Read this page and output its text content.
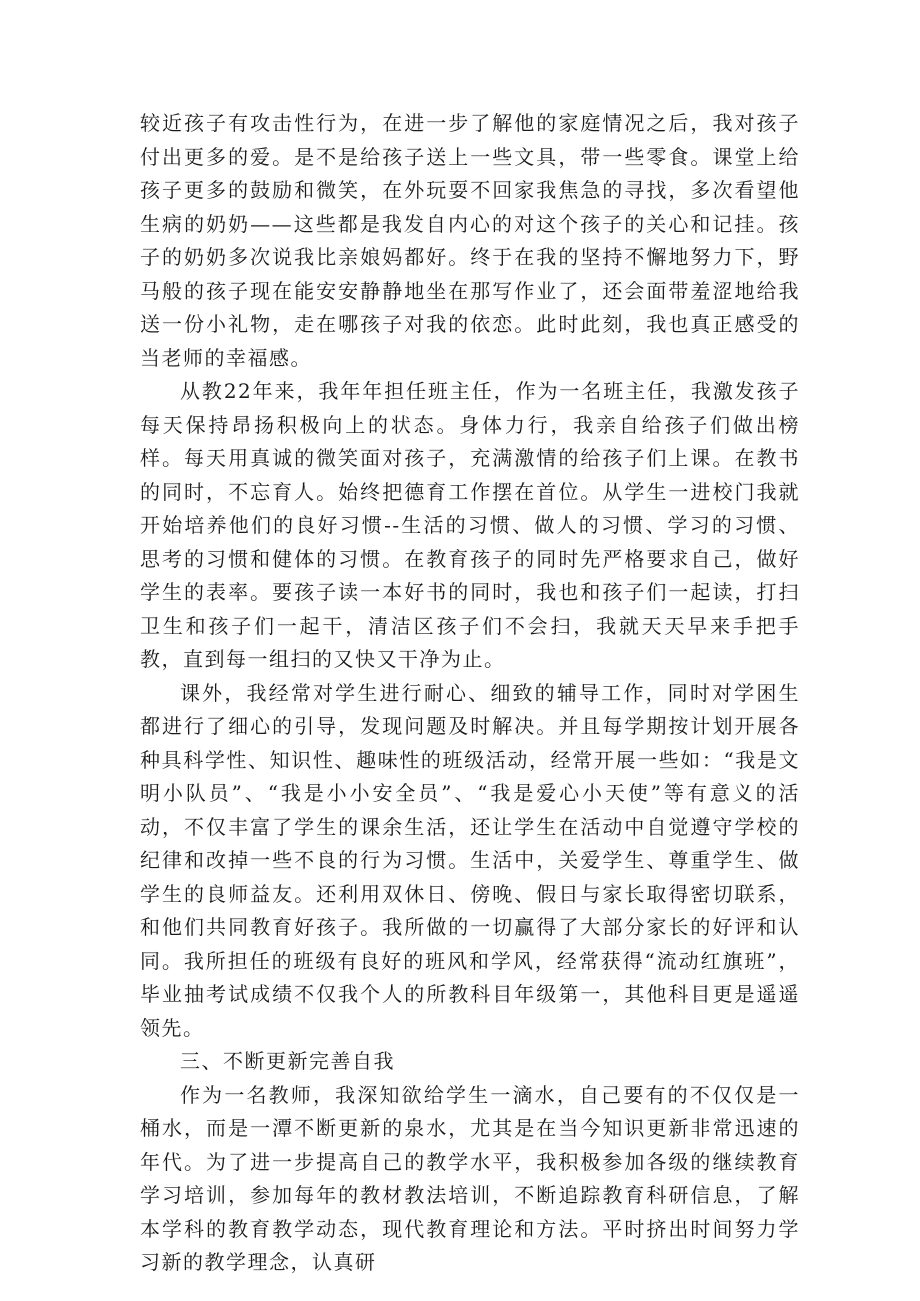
较近孩子有攻击性行为，在进一步了解他的家庭情况之后，我对孩子付出更多的爱。是不是给孩子送上一些文具，带一些零食。课堂上给孩子更多的鼓励和微笑，在外玩耍不回家我焦急的寻找，多次看望他生病的奶奶——这些都是我发自内心的对这个孩子的关心和记挂。孩子的奶奶多次说我比亲娘妈都好。终于在我的坚持不懈地努力下，野马般的孩子现在能安安静静地坐在那写作业了，还会面带羞涩地给我送一份小礼物，走在哪孩子对我的依恋。此时此刻，我也真正感受的当老师的幸福感。

从教22年来，我年年担任班主任，作为一名班主任，我激发孩子每天保持昂扬积极向上的状态。身体力行，我亲自给孩子们做出榜样。每天用真诚的微笑面对孩子，充满激情的给孩子们上课。在教书的同时，不忘育人。始终把德育工作摆在首位。从学生一进校门我就开始培养他们的良好习惯--生活的习惯、做人的习惯、学习的习惯、思考的习惯和健体的习惯。在教育孩子的同时先严格要求自己，做好学生的表率。要孩子读一本好书的同时，我也和孩子们一起读，打扫卫生和孩子们一起干，清洁区孩子们不会扫，我就天天早来手把手教，直到每一组扫的又快又干净为止。

课外，我经常对学生进行耐心、细致的辅导工作，同时对学困生都进行了细心的引导，发现问题及时解决。并且每学期按计划开展各种具科学性、知识性、趣味性的班级活动，经常开展一些如：“我是文明小队员”、“我是小小安全员”、“我是爱心小天使”等有意义的活动，不仅丰富了学生的课余生活，还让学生在活动中自觉遵守学校的纪律和改掉一些不良的行为习惯。生活中，关爱学生、尊重学生、做学生的良师益友。还利用双休日、傍晚、假日与家长取得密切联系，和他们共同教育好孩子。我所做的一切赢得了大部分家长的好评和认同。我所担任的班级有良好的班风和学风，经常获得“流动红旗班”，毕业抽考试成绩不仅我个人的所教科目年级第一，其他科目更是遥遥领先。

三、不断更新完善自我

作为一名教师，我深知欲给学生一滴水，自己要有的不仅仅是一桶水，而是一潭不断更新的泉水，尤其是在当今知识更新非常迅速的年代。为了进一步提高自己的教学水平，我积极参加各级的继续教育学习培训，参加每年的教材教法培训，不断追踪教育科研信息，了解本学科的教育教学动态，现代教育理论和方法。平时挤出时间努力学习新的教学理念，认真研
